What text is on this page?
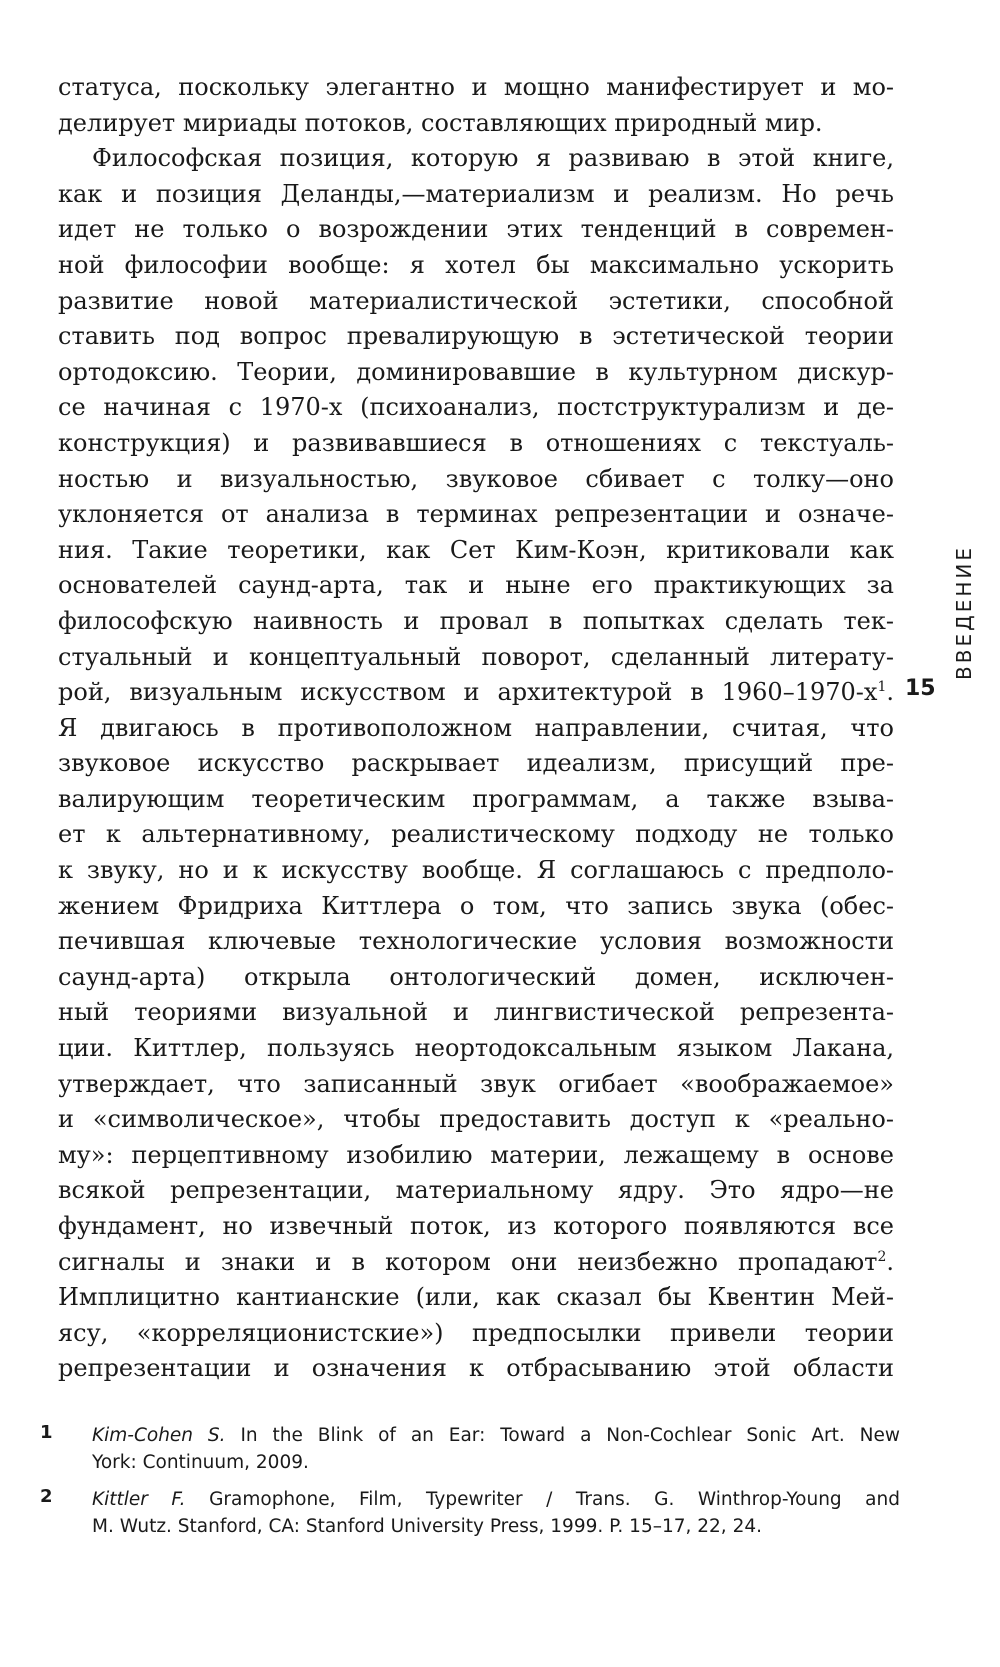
статуса, поскольку элегантно и мощно манифестирует и мо-
делирует мириады потоков, составляющих природный мир.
Философская позиция, которую я развиваю в этой книге,
как и позиция Деланды,—материализм и реализм. Но речь
идет не только о возрождении этих тенденций в современ-
ной философии вообще: я хотел бы максимально ускорить
развитие новой материалистической эстетики, способной
ставить под вопрос превалирующую в эстетической теории
ортодоксию. Теории, доминировавшие в культурном дискур-
се начиная с 1970-х (психоанализ, постструктурализм и де-
конструкция) и развивавшиеся в отношениях с текстуаль-
ностью и визуальностью, звуковое сбивает с толку—оно
уклоняется от анализа в терминах репрезентации и означе-
ния. Такие теоретики, как Сет Ким-Коэн, критиковали как
основателей саунд-арта, так и ныне его практикующих за
философскую наивность и провал в попытках сделать тек-
стуальный и концептуальный поворот, сделанный литерату-
рой, визуальным искусством и архитектурой в $1960-1970-х^1$.
Я двигаюсь в противоположном направлении, считая, что
звуковое искусство раскрывает идеализм, присущий пре-
валирующим теоретическим программам, а также взыва-
ет к альтернативному, реалистическому подходу не только
к звуку, но и к искусству вообще. Я соглашаюсь с предполо-
жением Фридриха Киттлера о том, что запись звука (обес-
печившая ключевые технологические условия возможности
саунд-арта) открыла онтологический домен, исключен-
ный теориями визуальной и лингвистической репрезента-
ции. Киттлер, пользуясь неортодоксальным языком Лакана,
утверждает, что записанный звук огибает «воображаемое»
и «символическое», чтобы предоставить доступ к «реально-
му»: перцептивному изобилию материи, лежащему в основе
всякой репрезентации, материальному ядру. Это ядро—не
фундамент, но извечный поток, из которого появляются все
сигналы и знаки и в котором они неизбежно пропадают$^2$.
Имплицитно кантианские (или, как сказал бы Квентин Мей-
ясу, «корреляционистские») предпосылки привели теории
репрезентации и означения к отбрасыванию этой области
ВВЕДЕНИЕ
15
1 Kim-Cohen S. In the Blink of an Ear: Toward a Non-Cochlear Sonic Art. New
York: Continuum, 2009.
2 Kittler F. Gramophone, Film, Typewriter / Trans. G. Winthrop-Young and
M. Wutz. Stanford, CA: Stanford University Press, 1999. P. 15–17, 22, 24.
